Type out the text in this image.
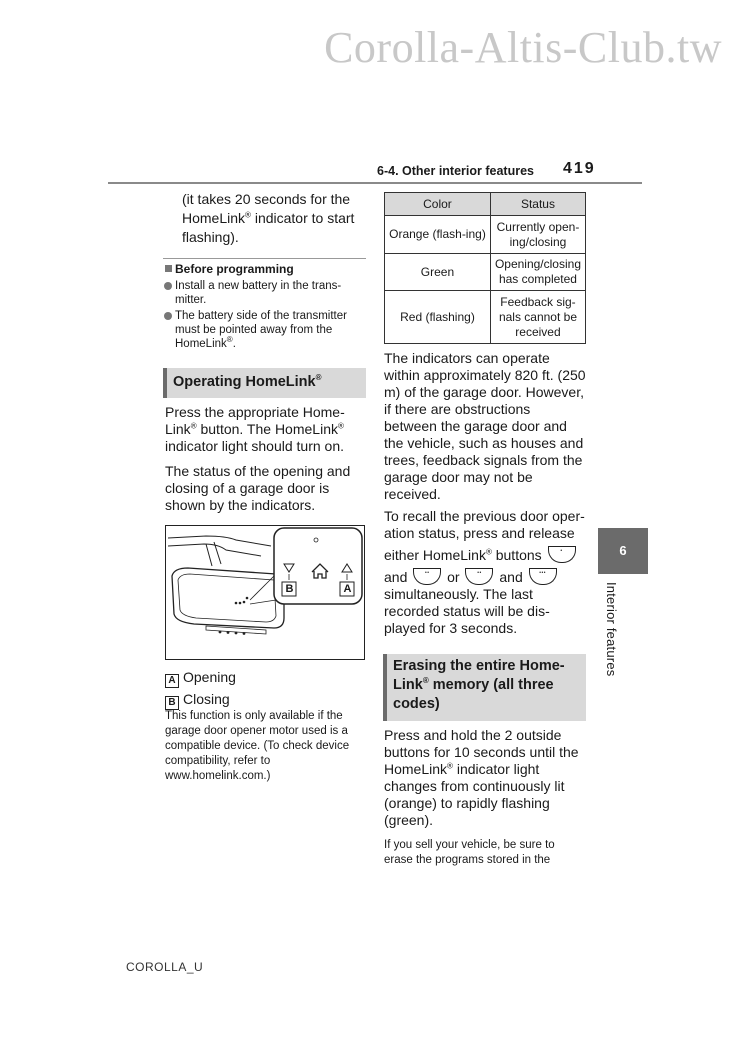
Corolla-Altis-Club.tw
6-4. Other interior features 419
6
Interior features
(it takes 20 seconds for the
HomeLink® indicator to start
flashing).
Before programming
Install a new battery in the trans-mitter.
The battery side of the transmitter must be pointed away from the HomeLink®.
Operating HomeLink®
Press the appropriate Home-
Link® button. The HomeLink®
indicator light should turn on.
The status of the opening and closing of a garage door is shown by the indicators.
B	A
A Opening
B Closing
This function is only available if the garage door opener motor used is a compatible device. (To check device compatibility, refer to www.homelink.com.)
Color	Status
Orange (flash-ing)	Currently open-ing/closing
Green	Opening/closing has completed
Red (flashing)	Feedback sig-nals cannot be received
The indicators can operate within approximately 820 ft. (250 m) of the garage door. However, if there are obstructions between the garage door and the vehicle, such as houses and trees, feedback signals from the garage door may not be received.
To recall the previous door oper-
ation status, press and release
either HomeLink® buttons	•
and	••	or	••	and	•••
simultaneously. The last recorded status will be dis-played for 3 seconds.
Erasing the entire Home-
Link® memory (all three codes)
Press and hold the 2 outside buttons for 10 seconds until the HomeLink® indicator light changes from continuously lit (orange) to rapidly flashing (green).
If you sell your vehicle, be sure to erase the programs stored in the
COROLLA_U
